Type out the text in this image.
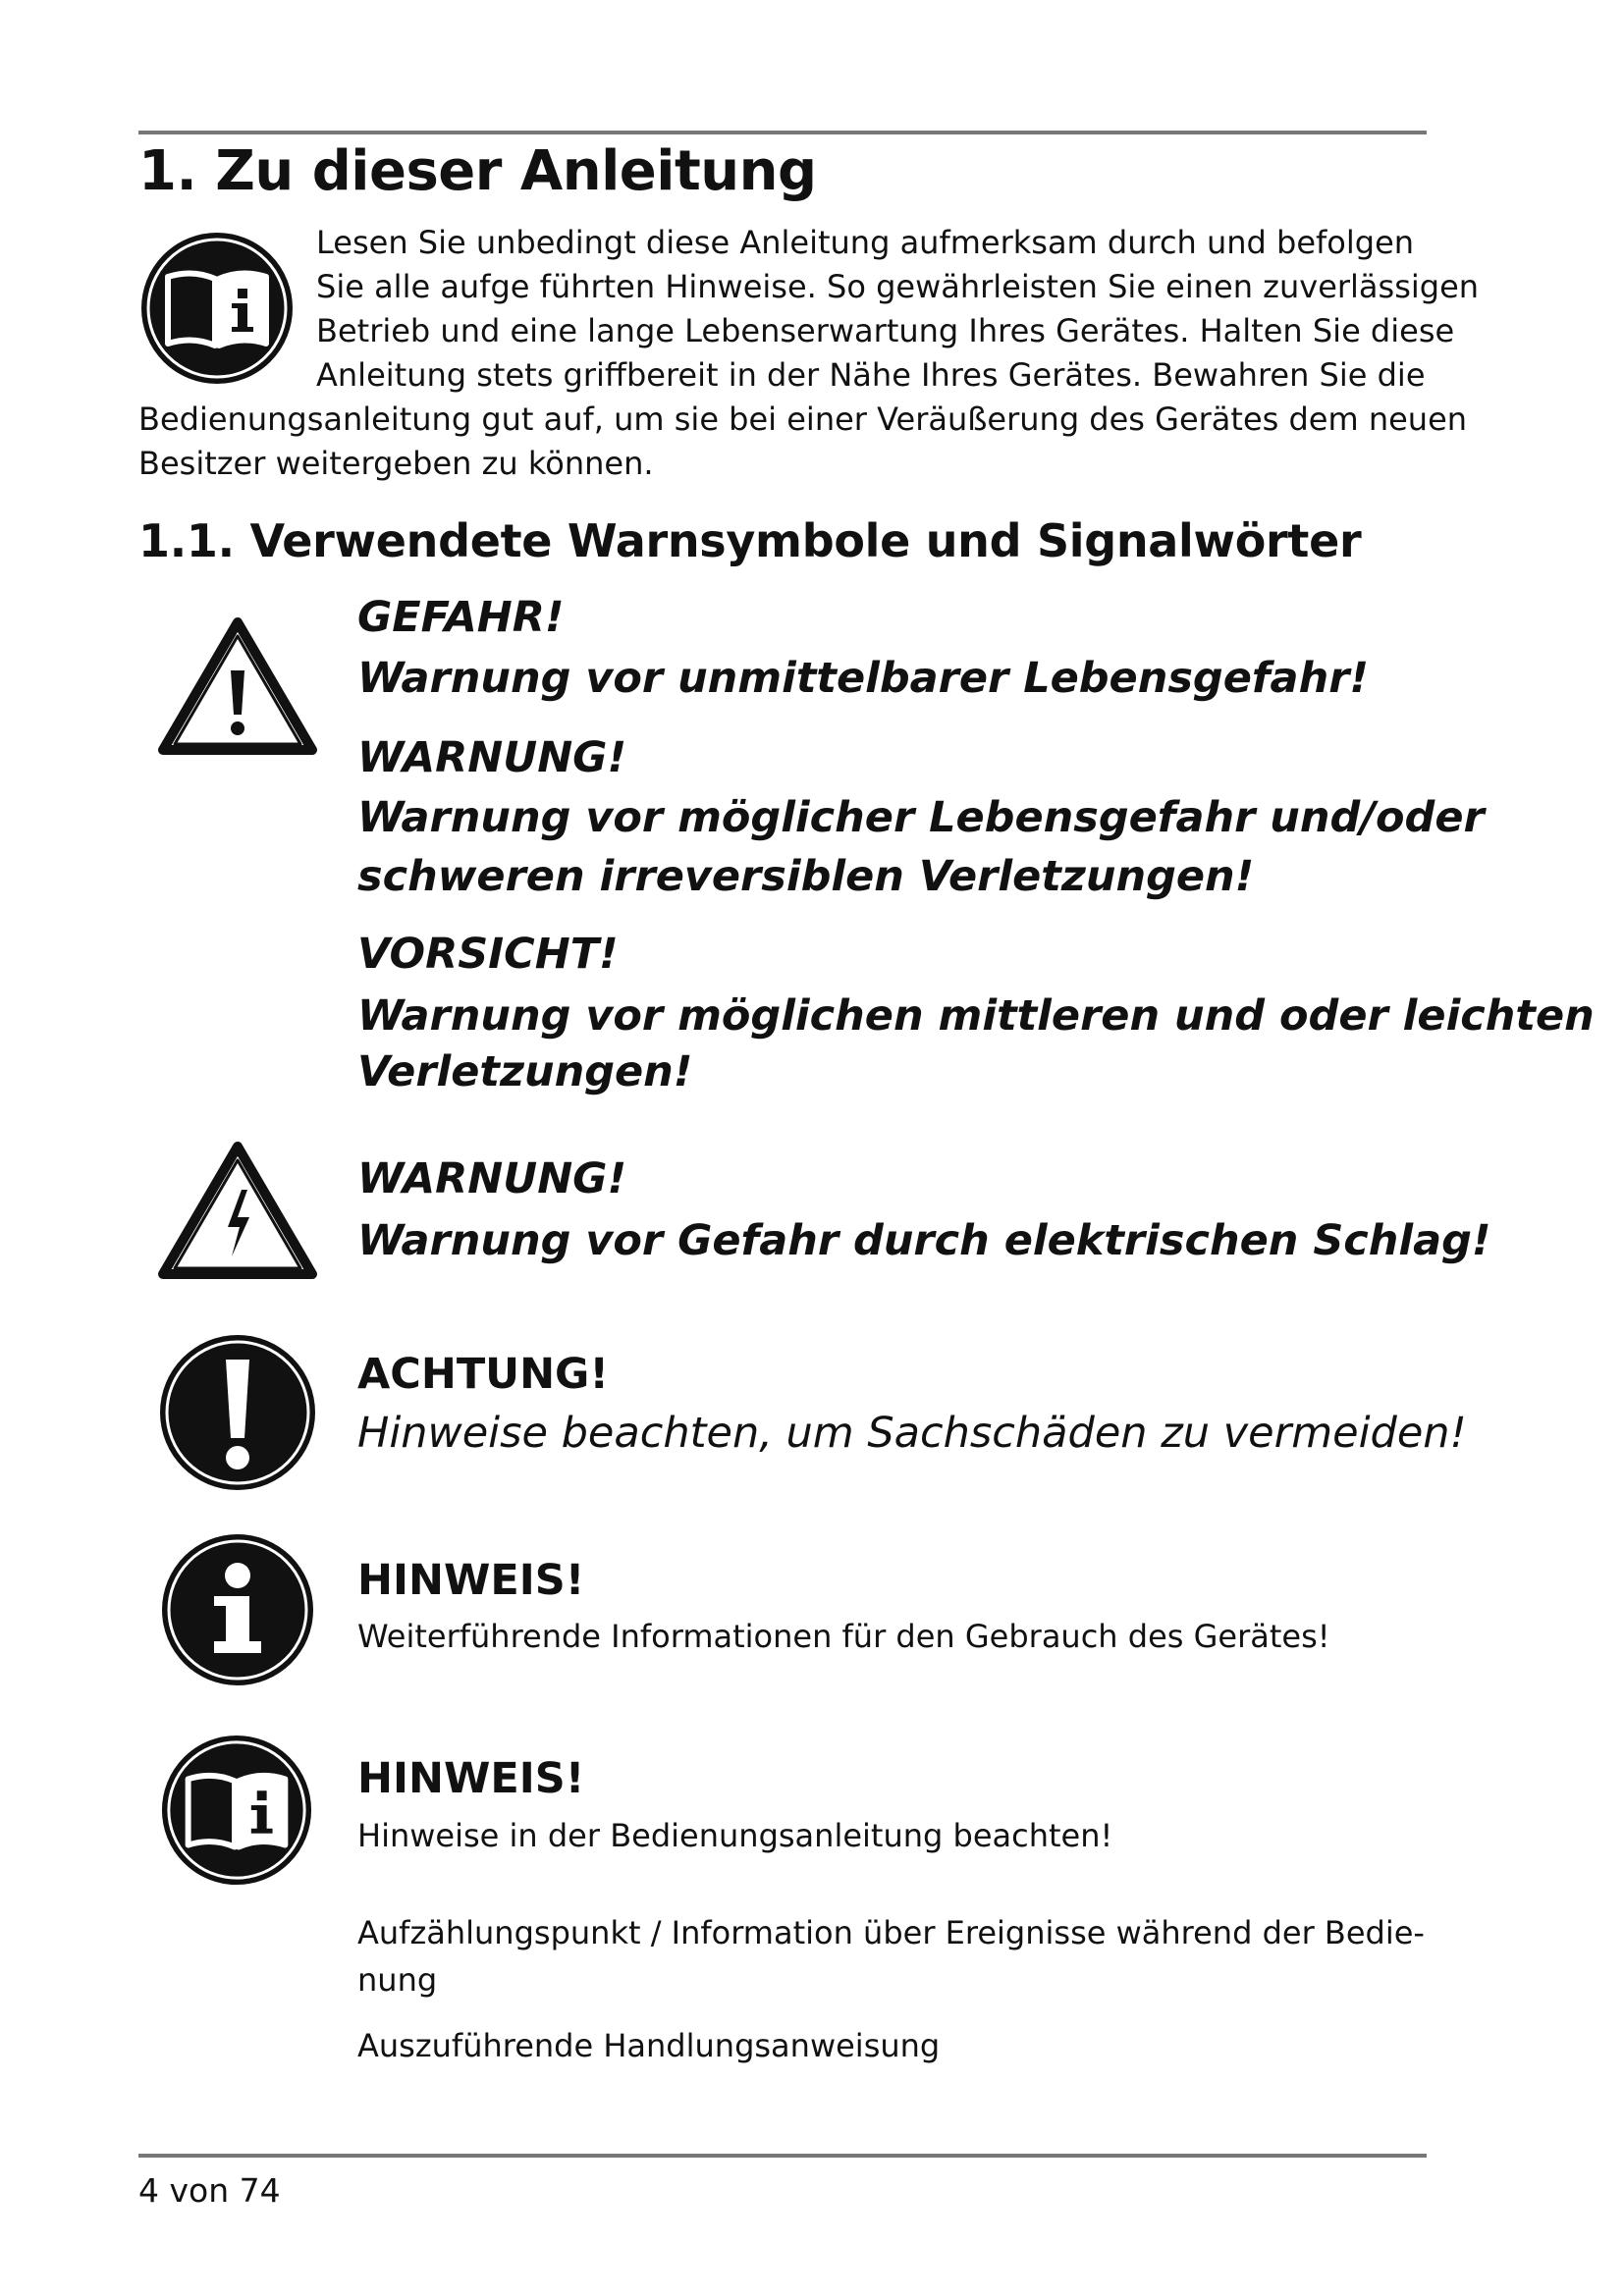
1. Zu dieser Anleitung
Lesen Sie unbedingt diese Anleitung aufmerksam durch und befolgen
Sie alle aufge führten Hinweise. So gewährleisten Sie einen zuverlässigen
Betrieb und eine lange Lebenserwartung Ihres Gerätes. Halten Sie diese
Anleitung stets griffbereit in der Nähe Ihres Gerätes. Bewahren Sie die
Bedienungsanleitung gut auf, um sie bei einer Veräußerung des Gerätes dem neuen
Besitzer weitergeben zu können.
1.1. Verwendete Warnsymbole und Signalwörter
GEFAHR!
Warnung vor unmittelbarer Lebensgefahr!
WARNUNG!
Warnung vor möglicher Lebensgefahr und/oder
schweren irreversiblen Verletzungen!
VORSICHT!
Warnung vor möglichen mittleren und oder leichten
Verletzungen!
WARNUNG!
Warnung vor Gefahr durch elektrischen Schlag!
ACHTUNG!
Hinweise beachten, um Sachschäden zu vermeiden!
HINWEIS!
Weiterführende Informationen für den Gebrauch des Gerätes!
HINWEIS!
Hinweise in der Bedienungsanleitung beachten!
Aufzählungspunkt / Information über Ereignisse während der Bedie-
nung
Auszuführende Handlungsanweisung
4 von 74
